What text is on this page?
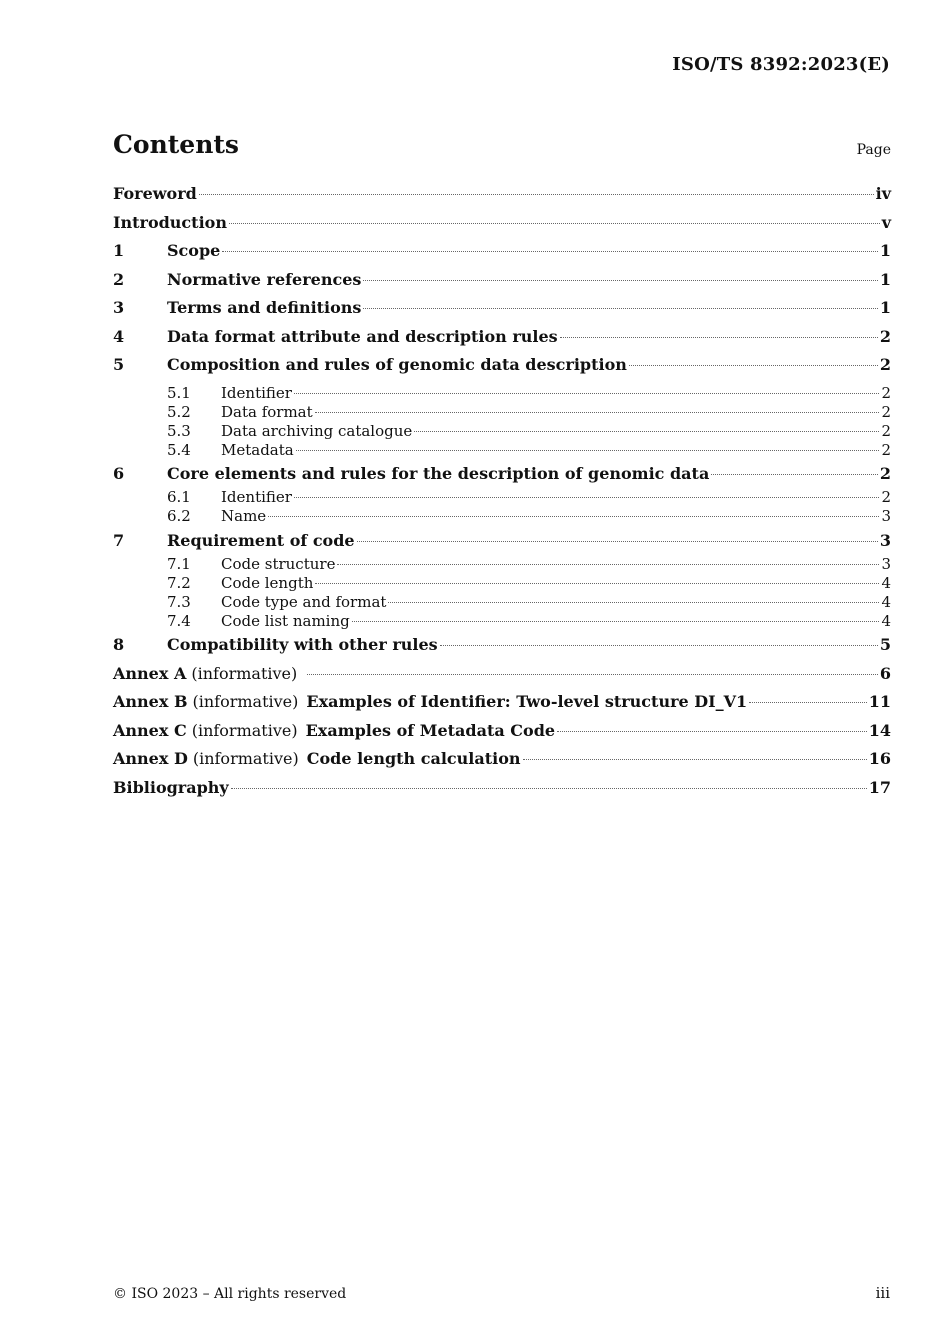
ISO/TS 8392:2023(E)
Contents	Page
Foreword	iv
Introduction	v
1	Scope	1
2	Normative references	1
3	Terms and definitions	1
4	Data format attribute and description rules	2
5	Composition and rules of genomic data description	2
5.1	Identifier	2
5.2	Data format	2
5.3	Data archiving catalogue	2
5.4	Metadata	2
6	Core elements and rules for the description of genomic data	2
6.1	Identifier	2
6.2	Name	3
7	Requirement of code	3
7.1	Code structure	3
7.2	Code length	4
7.3	Code type and format	4
7.4	Code list naming	4
8	Compatibility with other rules	5
Annex A (informative)	6
Annex B (informative) Examples of Identifier: Two-level structure DI_V1	11
Annex C (informative) Examples of Metadata Code	14
Annex D (informative) Code length calculation	16
Bibliography	17
© ISO 2023 – All rights reserved	iii
